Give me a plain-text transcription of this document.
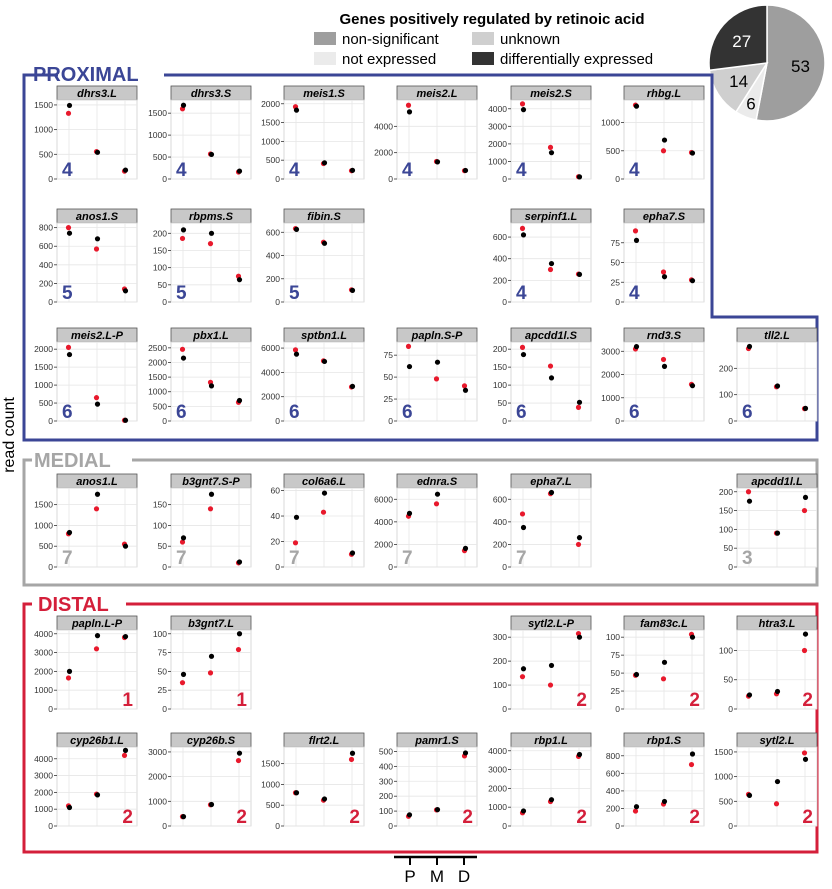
Genes positively regulated by retinoic acid
non-significant	unknown
not expressed	differentially expressed	53
6
14
27
PROXIMAL
MEDIAL
DISTAL
read count
dhrs3.L
0
500
1000
1500
4
dhrs3.S
0
500
1000
1500
4
meis1.S
0
500
1000
1500
2000
4
meis2.L
0
2000
4000
4
meis2.S
0
1000
2000
3000
4000
4
rhbg.L
0
500
1000
4
anos1.S
0
200
400
600
800
5
rbpms.S
0
50
100
150
200
5
fibin.S
0
200
400
600
5
serpinf1.L
0
200
400
600
4
epha7.S
0
25
50
75
4
meis2.L-P
0
500
1000
1500
2000
6
pbx1.L
0
500
1000
1500
2000
2500
6
sptbn1.L
0
2000
4000
6000
6
papln.S-P
0
25
50
75
6
apcdd1l.S
0
50
100
150
200
6
rnd3.S
0
1000
2000
3000
6
tll2.L
0
100
200
6
anos1.L
0
500
1000
1500
7
b3gnt7.S-P
0
50
100
150
7
col6a6.L
0
20
40
60
7
ednra.S
0
2000
4000
6000
7
epha7.L
0
200
400
600
7
apcdd1l.L
0
50
100
150
200
3
papln.L-P
0
1000
2000
3000
4000
1
b3gnt7.L
0
25
50
75
100
1
sytl2.L-P
0
100
200
300
2
fam83c.L
0
25
50
75
100
2
htra3.L
0
50
100
2
cyp26b1.L
0
1000
2000
3000
4000
2
cyp26b.S
0
1000
2000
3000
2
flrt2.L
0
500
1000
1500
2
pamr1.S
0
100
200
300
400
500
2
rbp1.L
0
1000
2000
3000
4000
2
rbp1.S
0
200
400
600
800
2
sytl2.L
0
500
1000
1500
2
P M D
